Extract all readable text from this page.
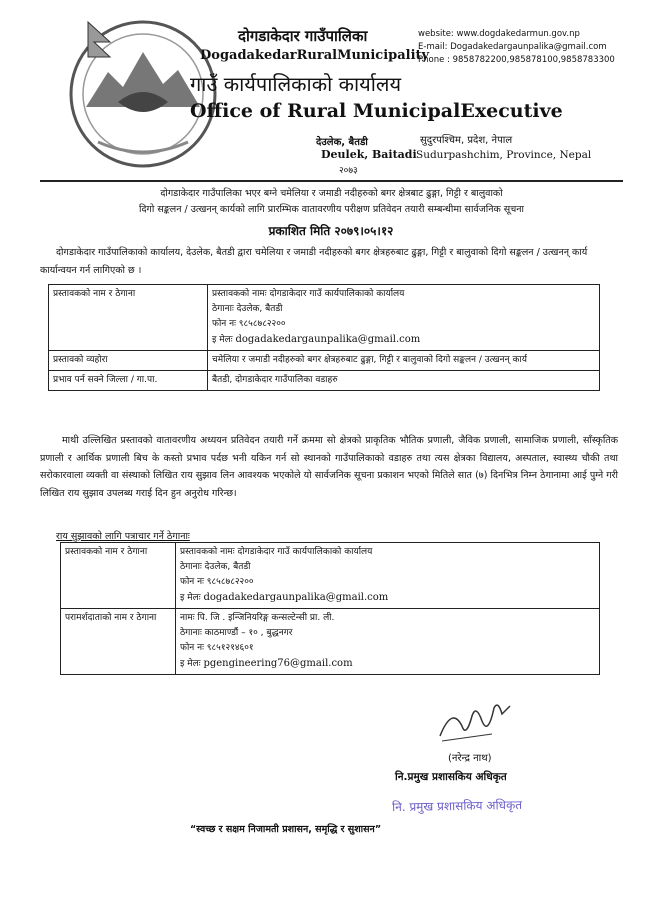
दोगडाकेदार गाउँपालिका
DogadakedarRuralMunicipality
गाउँ कार्यपालिकाको कार्यालय
Office of Rural MunicipalExecutive
website: www.dogdakedarmun.gov.np
E-mail: Dogadakedargaunpalika@gmail.com
Phone : 9858782200,985878100,9858783300
देउलेक, बैतडी
Deulek, Baitadi
२०७३
सुदुरपश्चिम, प्रदेश, नेपाल
Sudurpashchim, Province, Nepal
दोगडाकेदार गाउँपालिका भएर बग्ने चमेलिया र जमाडी नदीहरुको बगर क्षेत्रबाट ढुङ्गा, गिट्टी र बालुवाको
दिगो सङ्कलन / उत्खनन् कार्यको लागि प्रारम्भिक वातावरणीय परीक्षण प्रतिवेदन तयारी सम्बन्धीमा सार्वजनिक सूचना
प्रकाशित मिति २०७९।०५।१२
दोगडाकेदार गाउँपालिकाको कार्यालय, देउलेक, बैतडी द्वारा चमेलिया र जमाडी नदीहरुको बगर क्षेत्रहरुबाट ढुङ्गा, गिट्टी र बालुवाको दिगो सङ्कलन / उत्खनन् कार्य कार्यान्वयन गर्न लागिएको छ ।
प्रस्तावकको नाम र ठेगाना	प्रस्तावकको नामः दोगडाकेदार गाउँ कार्यपालिकाको कार्यालय
ठेगानाः देउलेक, बैतडी
फोन नः ९८५८७८२२००
इ मेलः dogadakedargaunpalika@gmail.com

प्रस्तावको व्यहोरा	चमेलिया र जमाडी नदीहरुको बगर क्षेत्रहरुबाट ढुङ्गा, गिट्टी र बालुवाको दिगो सङ्कलन / उत्खनन् कार्य
प्रभाव पर्न सक्ने जिल्ला / गा.पा.	बैतडी, दोगडाकेदार गाउँपालिका वडाहरु
माथी उल्लिखित प्रस्तावको वातावरणीय अध्ययन प्रतिवेदन तयारी गर्ने क्रममा सो क्षेत्रको प्राकृतिक भौतिक प्रणाली, जैविक प्रणाली, सामाजिक प्रणाली, साँस्कृतिक प्रणाली र आर्थिक प्रणाली बिच के कस्तो प्रभाव पर्दछ भनी यकिन गर्न सो स्थानको गाउँपालिकाको वडाहरु तथा त्यस क्षेत्रका विद्यालय, अस्पताल, स्वास्थ्य चौकी तथा सरोकारवाला व्यक्ती वा संस्थाको लिखित राय सुझाव लिन आवश्यक भएकोले यो सार्वजनिक सूचना प्रकाशन भएको मितिले सात (७) दिनभित्र निम्न ठेगानामा आई पुग्ने गरी लिखित राय सुझाव उपलब्ध गराई दिन हुन अनुरोध गरिन्छ।
राय सुझावको लागि पत्राचार गर्ने ठेगानाः
प्रस्तावकको नाम र ठेगाना	प्रस्तावकको नामः दोगडाकेदार गाउँ कार्यपालिकाको कार्यालय
ठेगानाः देउलेक, बैतडी
फोन नः ९८५८७८२२००
इ मेलः dogadakedargaunpalika@gmail.com

परामर्शदाताको नाम र ठेगाना	नामः पि. जि . इन्जिनियरिङ्ग कन्सल्टेन्सी प्रा. ली.
ठेगानाः काठमाण्डौं – १० , बुद्धनगर
फोन नः ९८५१२१४६०१
इ मेलः pgengineering76@gmail.com
(नरेन्द्र नाथ)
नि.प्रमुख प्रशासकिय अधिकृत
नि. प्रमुख प्रशासकिय अधिकृत
“स्वच्छ र सक्षम निजामती प्रशासन, समृद्धि र सुशासन”
